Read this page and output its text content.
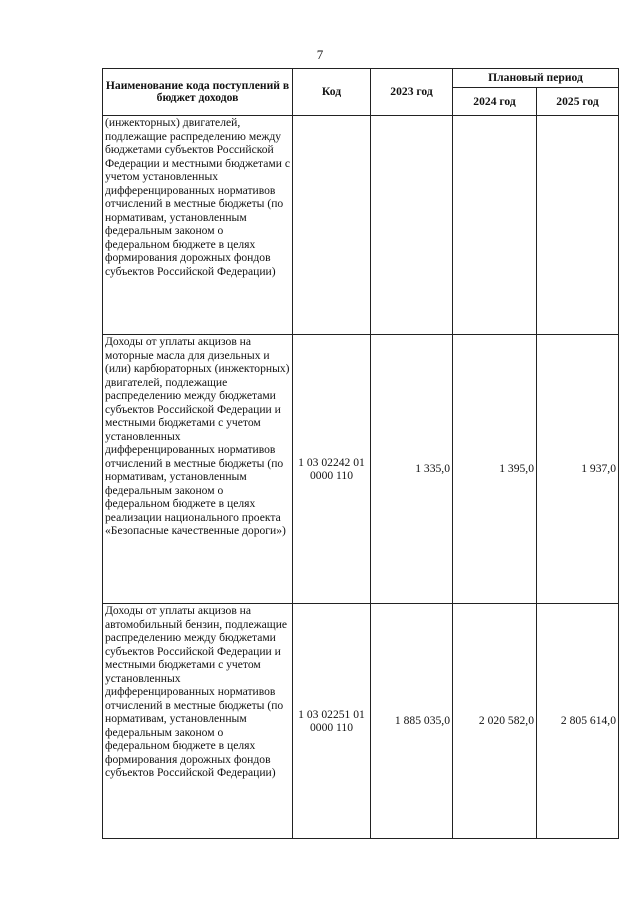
7
Наименование кода поступлений в бюджет доходов	Код	2023 год	Плановый период	
			2024 год	2025 год
(инжекторных) двигателей, подлежащие распределению между бюджетами субъектов Российской Федерации и местными бюджетами с учетом установленных дифференцированных нормативов отчислений в местные бюджеты (по нормативам, установленным федеральным законом о федеральном бюджете в целях формирования дорожных фондов субъектов Российской Федерации)				
Доходы от уплаты акцизов на моторные масла для дизельных и (или) карбюраторных (инжекторных) двигателей, подлежащие распределению между бюджетами субъектов Российской Федерации и местными бюджетами с учетом установленных дифференцированных нормативов отчислений в местные бюджеты (по нормативам, установленным федеральным законом о федеральном бюджете в целях реализации национального проекта «Безопасные качественные дороги»)	1 03 02242 01 0000 110	1 335,0	1 395,0	1 937,0
Доходы от уплаты акцизов на автомобильный бензин, подлежащие распределению между бюджетами субъектов Российской Федерации и местными бюджетами с учетом установленных дифференцированных нормативов отчислений в местные бюджеты (по нормативам, установленным федеральным законом о федеральном бюджете в целях формирования дорожных фондов субъектов Российской Федерации)	1 03 02251 01 0000 110	1 885 035,0	2 020 582,0	2 805 614,0
